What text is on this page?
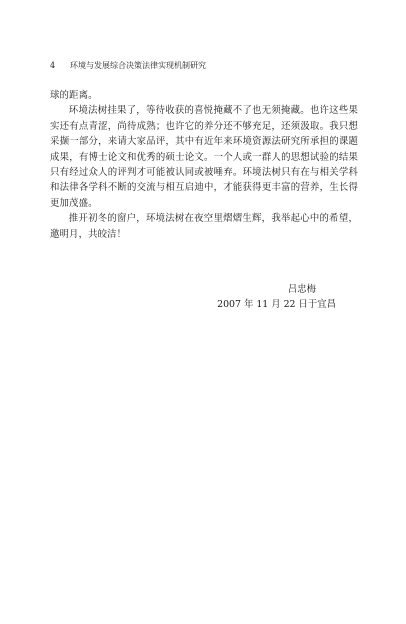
4 环境与发展综合决策法律实现机制研究

球的距离。

环境法树挂果了，等待收获的喜悦掩藏不了也无须掩藏。也许这些果实还有点青涩，尚待成熟；也许它的养分还不够充足，还须汲取。我只想采撷一部分，来请大家品评，其中有近年来环境资源法研究所承担的课题成果，有博士论文和优秀的硕士论文。一个人或一群人的思想试验的结果只有经过众人的评判才可能被认同或被唾弃。环境法树只有在与相关学科和法律各学科不断的交流与相互启迪中，才能获得更丰富的营养，生长得更加茂盛。

推开初冬的窗户，环境法树在夜空里熠熠生辉，我举起心中的希望，邀明月，共皎洁！

吕忠梅
2007 年 11 月 22 日于宜昌
